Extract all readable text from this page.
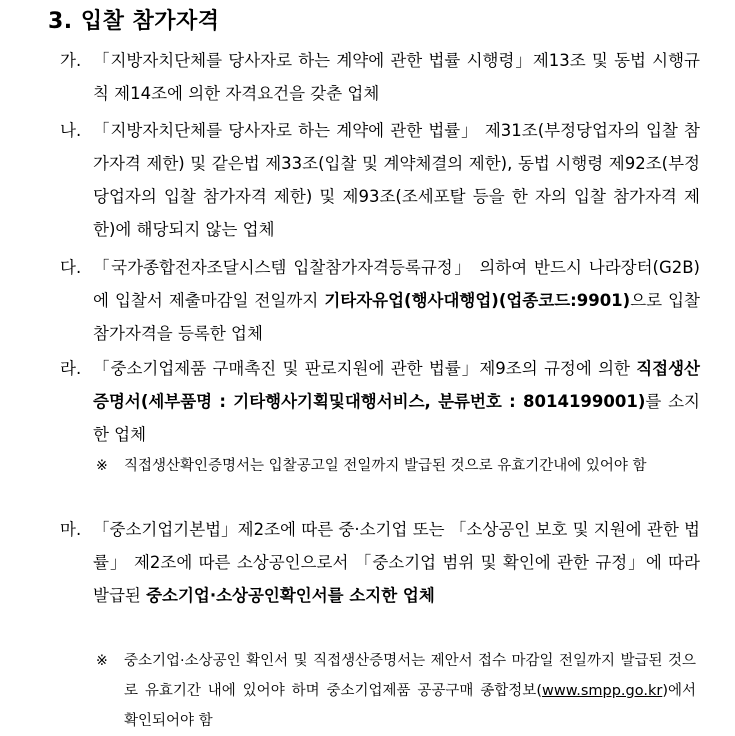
3. 입찰 참가자격
가. 「지방자치단체를 당사자로 하는 계약에 관한 법률 시행령」제13조 및 동법 시행규칙 제14조에 의한 자격요건을 갖춘 업체
나. 「지방자치단체를 당사자로 하는 계약에 관한 법률」 제31조(부정당업자의 입찰 참가자격 제한) 및 같은법 제33조(입찰 및 계약체결의 제한), 동법 시행령 제92조(부정당업자의 입찰 참가자격 제한) 및 제93조(조세포탈 등을 한 자의 입찰 참가자격 제한)에 해당되지 않는 업체
다. 「국가종합전자조달시스템 입찰참가자격등록규정」 의하여 반드시 나라장터(G2B)에 입찰서 제출마감일 전일까지 기타자유업(행사대행업)(업종코드:9901)으로 입찰참가자격을 등록한 업체
라. 「중소기업제품 구매촉진 및 판로지원에 관한 법률」제9조의 규정에 의한 직접생산증명서(세부품명 : 기타행사기획및대행서비스, 분류번호 : 8014199001)를 소지한 업체
※ 직접생산확인증명서는 입찰공고일 전일까지 발급된 것으로 유효기간내에 있어야 함
마. 「중소기업기본법」제2조에 따른 중·소기업 또는 「소상공인 보호 및 지원에 관한 법률」 제2조에 따른 소상공인으로서 「중소기업 범위 및 확인에 관한 규정」에 따라 발급된 중소기업·소상공인확인서를 소지한 업체
※ 중소기업·소상공인 확인서 및 직접생산증명서는 제안서 접수 마감일 전일까지 발급된 것으로 유효기간 내에 있어야 하며 중소기업제품 공공구매 종합정보(www.smpp.go.kr)에서 확인되어야 함
